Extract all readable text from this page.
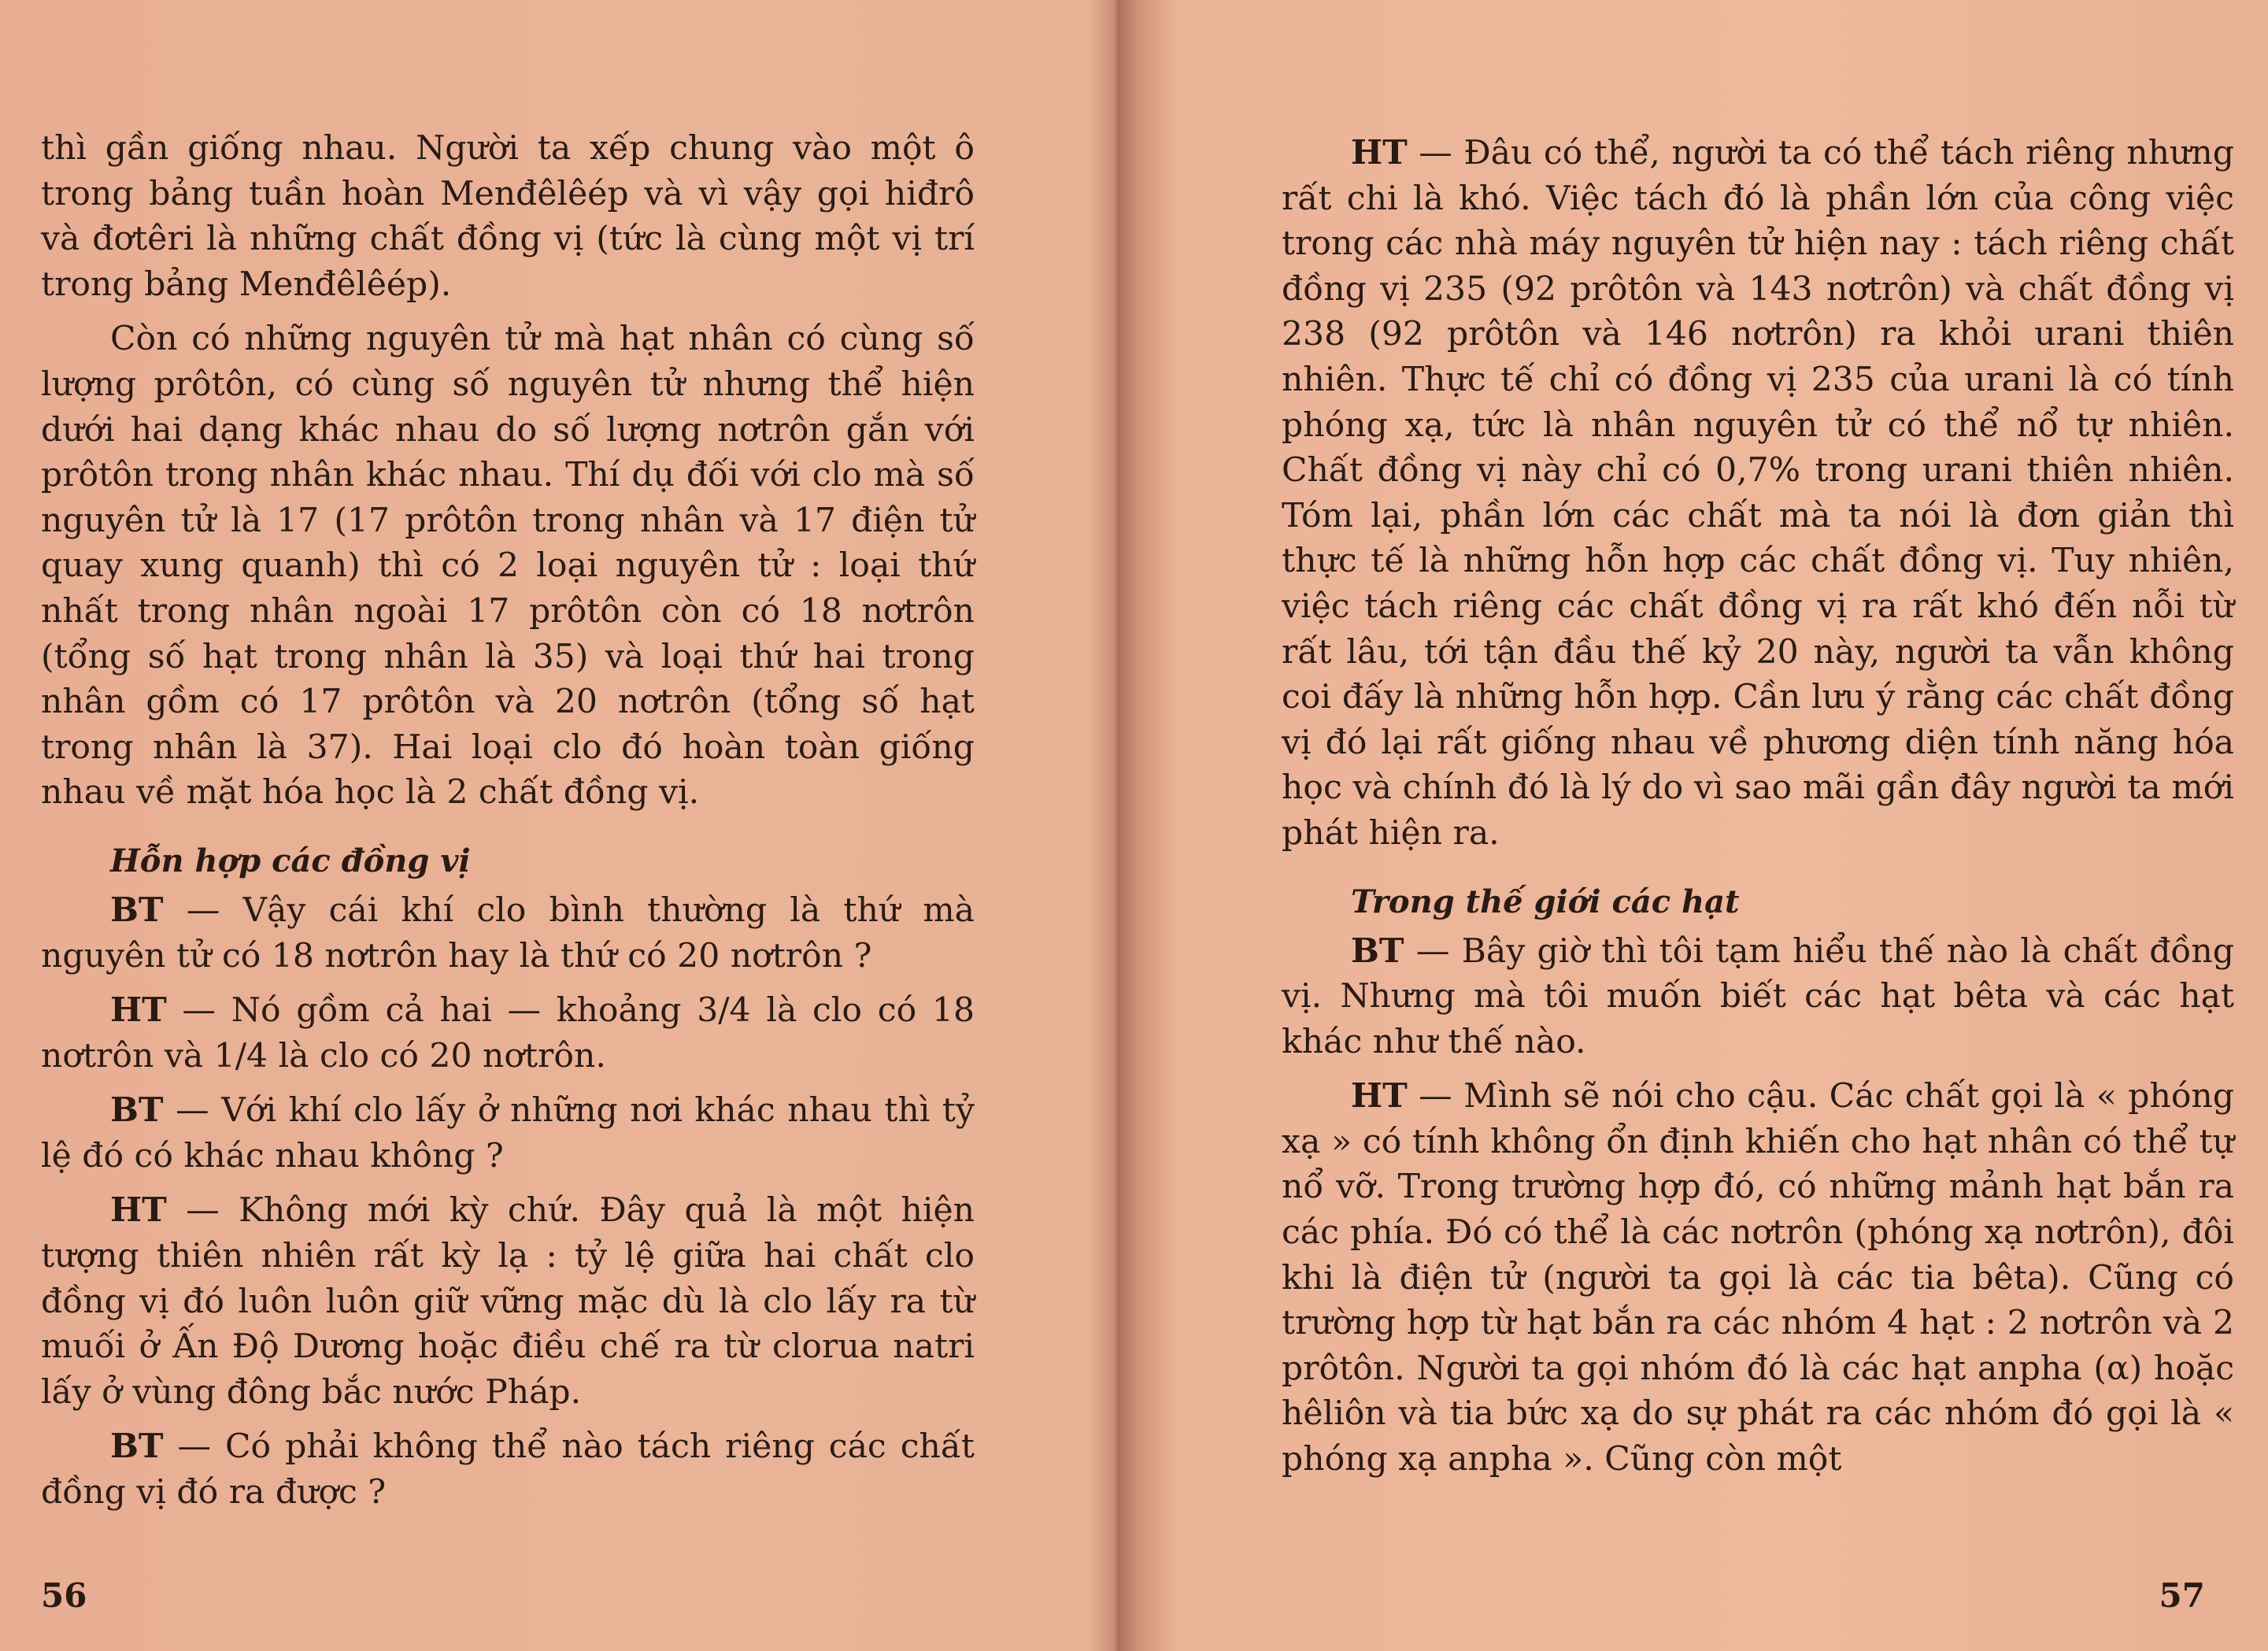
thì gần giống nhau. Người ta xếp chung vào một ô trong bảng tuần hoàn Menđêlêép và vì vậy gọi hiđrô và đơtêri là những chất đồng vị (tức là cùng một vị trí trong bảng Menđêlêép).

Còn có những nguyên tử mà hạt nhân có cùng số lượng prôtôn, có cùng số nguyên tử nhưng thể hiện dưới hai dạng khác nhau do số lượng nơtrôn gắn với prôtôn trong nhân khác nhau. Thí dụ đối với clo mà số nguyên tử là 17 (17 prôtôn trong nhân và 17 điện tử quay xung quanh) thì có 2 loại nguyên tử : loại thứ nhất trong nhân ngoài 17 prôtôn còn có 18 nơtrôn (tổng số hạt trong nhân là 35) và loại thứ hai trong nhân gồm có 17 prôtôn và 20 nơtrôn (tổng số hạt trong nhân là 37). Hai loại clo đó hoàn toàn giống nhau về mặt hóa học là 2 chất đồng vị.

Hỗn hợp các đồng vị

BT — Vậy cái khí clo bình thường là thứ mà nguyên tử có 18 nơtrôn hay là thứ có 20 nơtrôn ?

HT — Nó gồm cả hai — khoảng 3/4 là clo có 18 nơtrôn và 1/4 là clo có 20 nơtrôn.

BT — Với khí clo lấy ở những nơi khác nhau thì tỷ lệ đó có khác nhau không ?

HT — Không mới kỳ chứ. Đây quả là một hiện tượng thiên nhiên rất kỳ lạ : tỷ lệ giữa hai chất clo đồng vị đó luôn luôn giữ vững mặc dù là clo lấy ra từ muối ở Ấn Độ Dương hoặc điều chế ra từ clorua natri lấy ở vùng đông bắc nước Pháp.

BT — Có phải không thể nào tách riêng các chất đồng vị đó ra được ?

56

HT — Đâu có thể, người ta có thể tách riêng nhưng rất chi là khó. Việc tách đó là phần lớn của công việc trong các nhà máy nguyên tử hiện nay : tách riêng chất đồng vị 235 (92 prôtôn và 143 nơtrôn) và chất đồng vị 238 (92 prôtôn và 146 nơtrôn) ra khỏi urani thiên nhiên. Thực tế chỉ có đồng vị 235 của urani là có tính phóng xạ, tức là nhân nguyên tử có thể nổ tự nhiên. Chất đồng vị này chỉ có 0,7% trong urani thiên nhiên. Tóm lại, phần lớn các chất mà ta nói là đơn giản thì thực tế là những hỗn hợp các chất đồng vị. Tuy nhiên, việc tách riêng các chất đồng vị ra rất khó đến nỗi từ rất lâu, tới tận đầu thế kỷ 20 này, người ta vẫn không coi đấy là những hỗn hợp. Cần lưu ý rằng các chất đồng vị đó lại rất giống nhau về phương diện tính năng hóa học và chính đó là lý do vì sao mãi gần đây người ta mới phát hiện ra.

Trong thế giới các hạt

BT — Bây giờ thì tôi tạm hiểu thế nào là chất đồng vị. Nhưng mà tôi muốn biết các hạt bêta và các hạt khác như thế nào.

HT — Mình sẽ nói cho cậu. Các chất gọi là « phóng xạ » có tính không ổn định khiến cho hạt nhân có thể tự nổ vỡ. Trong trường hợp đó, có những mảnh hạt bắn ra các phía. Đó có thể là các nơtrôn (phóng xạ nơtrôn), đôi khi là điện tử (người ta gọi là các tia bêta). Cũng có trường hợp từ hạt bắn ra các nhóm 4 hạt : 2 nơtrôn và 2 prôtôn. Người ta gọi nhóm đó là các hạt anpha (α) hoặc hêliôn và tia bức xạ do sự phát ra các nhóm đó gọi là « phóng xạ anpha ». Cũng còn một

57
